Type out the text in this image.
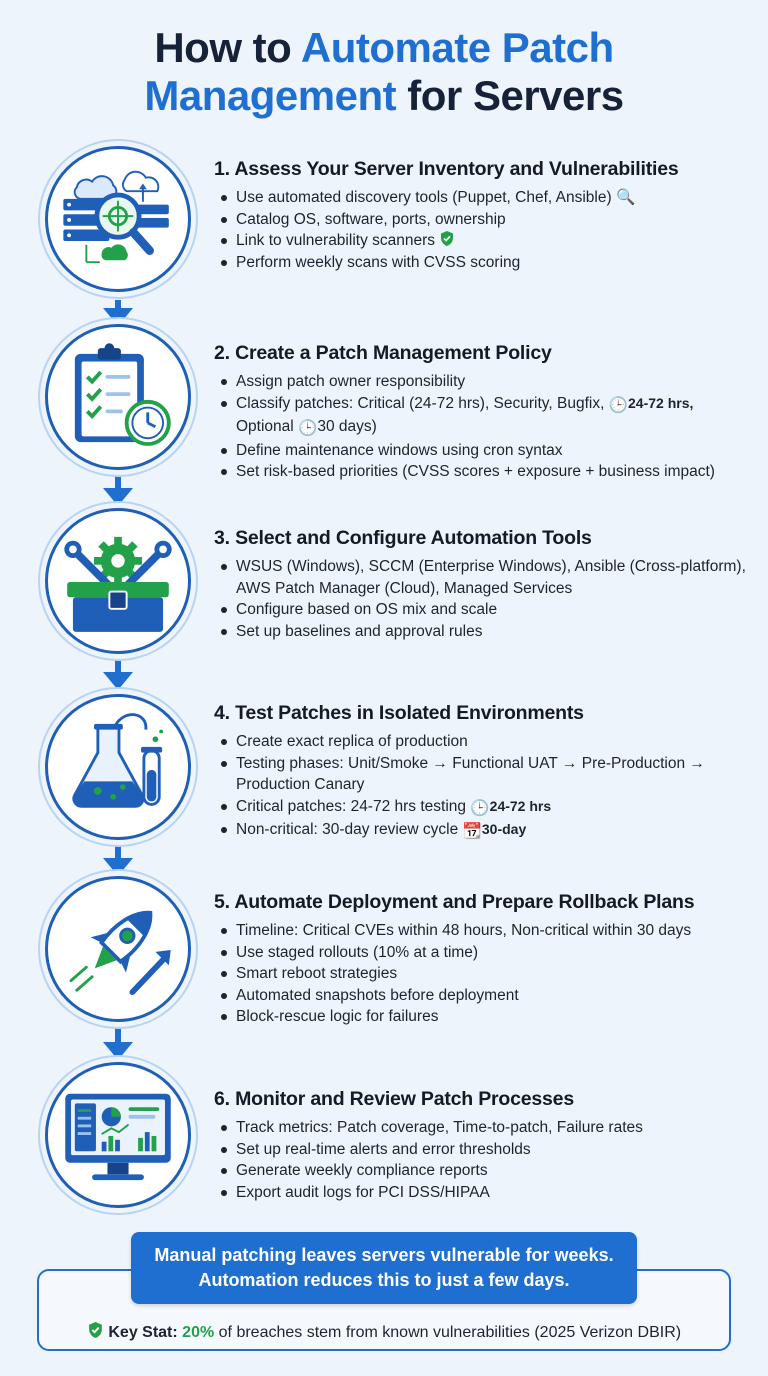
How to Automate Patch
Management for Servers
1. Assess Your Server Inventory and Vulnerabilities
Use automated discovery tools (Puppet, Chef, Ansible) 🔍
Catalog OS, software, ports, ownership
Link to vulnerability scanners
Perform weekly scans with CVSS scoring
2. Create a Patch Management Policy
Assign patch owner responsibility
Classify patches: Critical (24-72 hrs), Security, Bugfix, 🕒24-72 hrs,
Optional 🕒30 days)
Define maintenance windows using cron syntax
Set risk-based priorities (CVSS scores + exposure + business impact)
3. Select and Configure Automation Tools
WSUS (Windows), SCCM (Enterprise Windows), Ansible (Cross-platform), AWS Patch Manager (Cloud), Managed Services
Configure based on OS mix and scale
Set up baselines and approval rules
4. Test Patches in Isolated Environments
Create exact replica of production
Testing phases: Unit/Smoke → Functional UAT → Pre-Production → Production Canary
Critical patches: 24-72 hrs testing 🕒24-72 hrs
Non-critical: 30-day review cycle 📆30-day
5. Automate Deployment and Prepare Rollback Plans
Timeline: Critical CVEs within 48 hours, Non-critical within 30 days
Use staged rollouts (10% at a time)
Smart reboot strategies
Automated snapshots before deployment
Block-rescue logic for failures
6. Monitor and Review Patch Processes
Track metrics: Patch coverage, Time-to-patch, Failure rates
Set up real-time alerts and error thresholds
Generate weekly compliance reports
Export audit logs for PCI DSS/HIPAA
Manual patching leaves servers vulnerable for weeks.
Automation reduces this to just a few days.
Key Stat: 20% of breaches stem from known vulnerabilities (2025 Verizon DBIR)
